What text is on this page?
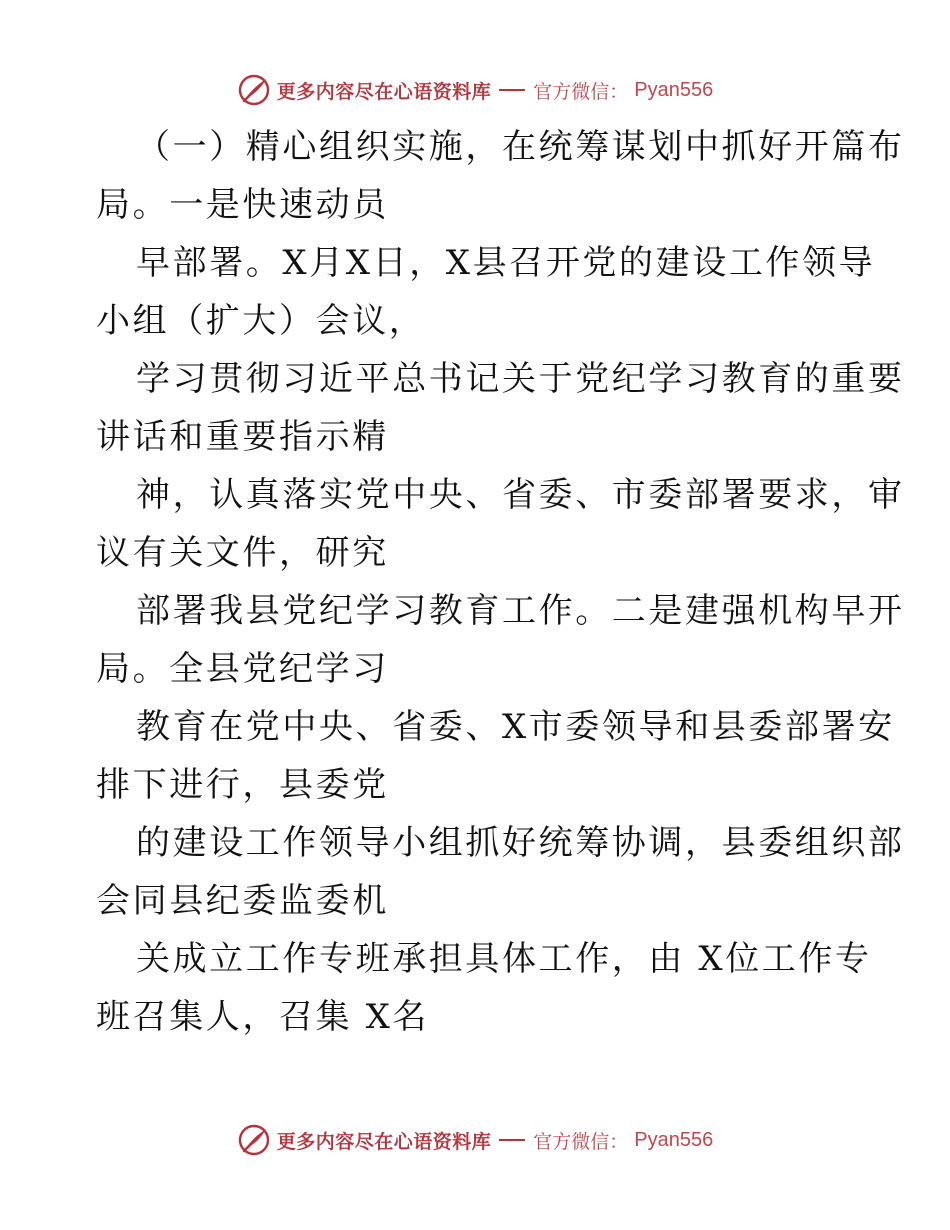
更多内容尽在心语资料库 官方微信： Pyan556
（一）精心组织实施，在统筹谋划中抓好开篇布
局。一是快速动员
早部署。X月X日，X县召开党的建设工作领导
小组（扩大）会议，
学习贯彻习近平总书记关于党纪学习教育的重要
讲话和重要指示精
神，认真落实党中央、省委、市委部署要求，审
议有关文件，研究
部署我县党纪学习教育工作。二是建强机构早开
局。全县党纪学习
教育在党中央、省委、X市委领导和县委部署安
排下进行，县委党
的建设工作领导小组抓好统筹协调，县委组织部
会同县纪委监委机
关成立工作专班承担具体工作，由 X位工作专
班召集人，召集 X名
更多内容尽在心语资料库 官方微信： Pyan556
